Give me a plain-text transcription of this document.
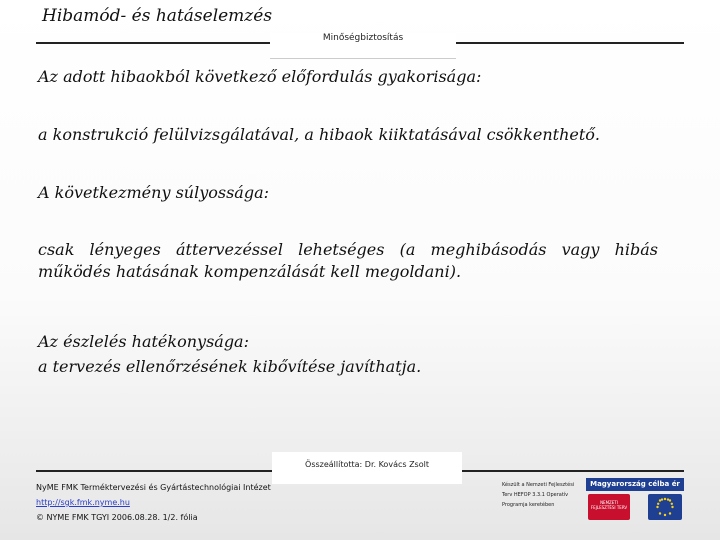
Hibamód- és hatáselemzés
Minőségbiztosítás
Az adott hibaokból következő előfordulás gyakorisága:
a konstrukció felülvizsgálatával, a hibaok kiiktatásával csökkenthető.
A következmény súlyossága:
csak lényeges áttervezéssel lehetséges (a meghibásodás vagy hibás működés hatásának kompenzálását kell megoldani).
Az észlelés hatékonysága:
a tervezés ellenőrzésének kibővítése javíthatja.
Összeállította: Dr. Kovács Zsolt
NyME FMK Terméktervezési és Gyártástechnológiai Intézet
http://sgk.fmk.nyme.hu
© NYME FMK TGYI 2006.08.28. 1/2. fólia
Készült a Nemzeti Fejlesztési Terv HEFOP 3.3.1 Operatív Programja keretében
Magyarország célba ér
NEMZETI FEJLESZTÉSI TERV
